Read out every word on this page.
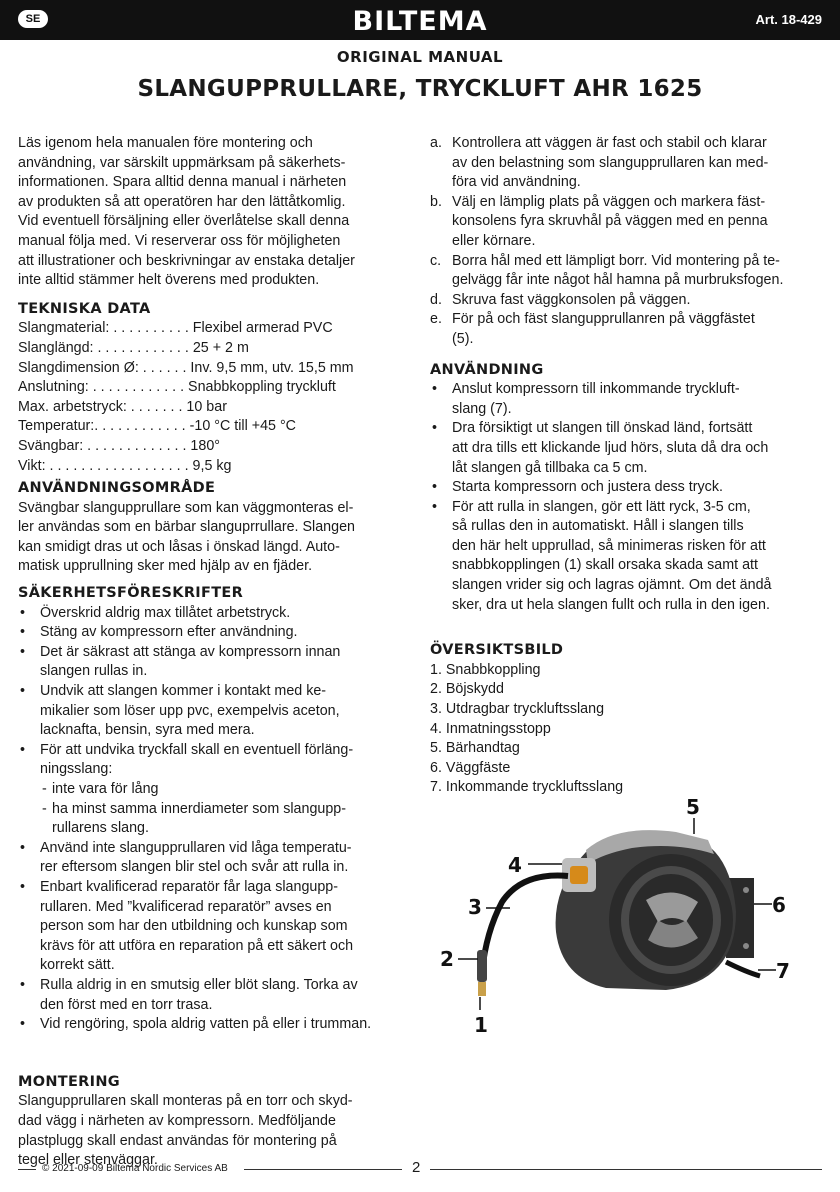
SE	BILTEMA	Art. 18-429
ORIGINAL MANUAL
SLANGUPPRULLARE, TRYCKLUFT AHR 1625
Läs igenom hela manualen före montering och
användning, var särskilt uppmärksam på säkerhets-
informationen. Spara alltid denna manual i närheten
av produkten så att operatören har den lättåtkomlig.
Vid eventuell försäljning eller överlåtelse skall denna
manual följa med. Vi reserverar oss för möjligheten
att illustrationer och beskrivningar av enstaka detaljer
inte alltid stämmer helt överens med produkten.
TEKNISKA DATA
Slangmaterial: . . . . . . . . . . Flexibel armerad PVC
Slanglängd: . . . . . . . . . . . . 25 + 2 m
Slangdimension Ø: . . . . . . Inv. 9,5 mm, utv. 15,5 mm
Anslutning: . . . . . . . . . . . . Snabbkoppling tryckluft
Max. arbetstryck: . . . . . . . 10 bar
Temperatur:. . . . . . . . . . . . -10 °C till +45 °C
Svängbar: . . . . . . . . . . . . . 180°
Vikt: . . . . . . . . . . . . . . . . . . 9,5 kg
ANVÄNDNINGSOMRÅDE
Svängbar slangupprullare som kan väggmonteras el-
ler användas som en bärbar slanguprrullare. Slangen
kan smidigt dras ut och låsas i önskad längd. Auto-
matisk upprullning sker med hjälp av en fjäder.
SÄKERHETSFÖRESKRIFTER
• Överskrid aldrig max tillåtet arbetstryck.
• Stäng av kompressorn efter användning.
• Det är säkrast att stänga av kompressorn innan
slangen rullas in.
• Undvik att slangen kommer i kontakt med ke-
mikalier som löser upp pvc, exempelvis aceton,
lacknafta, bensin, syra med mera.
• För att undvika tryckfall skall en eventuell förläng-
ningsslang:
- inte vara för lång
- ha minst samma innerdiameter som slangupp-
rullarens slang.
• Använd inte slangupprullaren vid låga temperatu-
rer eftersom slangen blir stel och svår att rulla in.
• Enbart kvalificerad reparatör får laga slangupp-
rullaren. Med ”kvalificerad reparatör” avses en
person som har den utbildning och kunskap som
krävs för att utföra en reparation på ett säkert och
korrekt sätt.
• Rulla aldrig in en smutsig eller blöt slang. Torka av
den först med en torr trasa.
• Vid rengöring, spola aldrig vatten på eller i trumman.
MONTERING
Slangupprullaren skall monteras på en torr och skyd-
dad vägg i närheten av kompressorn. Medföljande
plastplugg skall endast användas för montering på
tegel eller stenväggar.
a. Kontrollera att väggen är fast och stabil och klarar
av den belastning som slangupprullaren kan med-
föra vid användning.
b. Välj en lämplig plats på väggen och markera fäst-
konsolens fyra skruvhål på väggen med en penna
eller körnare.
c. Borra hål med ett lämpligt borr. Vid montering på te-
gelvägg får inte något hål hamna på murbruksfogen.
d. Skruva fast väggkonsolen på väggen.
e. För på och fäst slangupprullanren på väggfästet
(5).
ANVÄNDNING
• Anslut kompressorn till inkommande tryckluft-
slang (7).
• Dra försiktigt ut slangen till önskad länd, fortsätt
att dra tills ett klickande ljud hörs, sluta då dra och
låt slangen gå tillbaka ca 5 cm.
• Starta kompressorn och justera dess tryck.
• För att rulla in slangen, gör ett lätt ryck, 3-5 cm,
så rullas den in automatiskt. Håll i slangen tills
den här helt upprullad, så minimeras risken för att
snabbkopplingen (1) skall orsaka skada samt att
slangen vrider sig och lagras ojämnt. Om det ändå
sker, dra ut hela slangen fullt och rulla in den igen.
ÖVERSIKTSBILD
1. Snabbkoppling
2. Böjskydd
3. Utdragbar tryckluftsslang
4. Inmatningsstopp
5. Bärhandtag
6. Väggfäste
7. Inkommande tryckluftsslang
1
2
3
4
5
6
7
© 2021-09-09 Biltema Nordic Services AB	2
